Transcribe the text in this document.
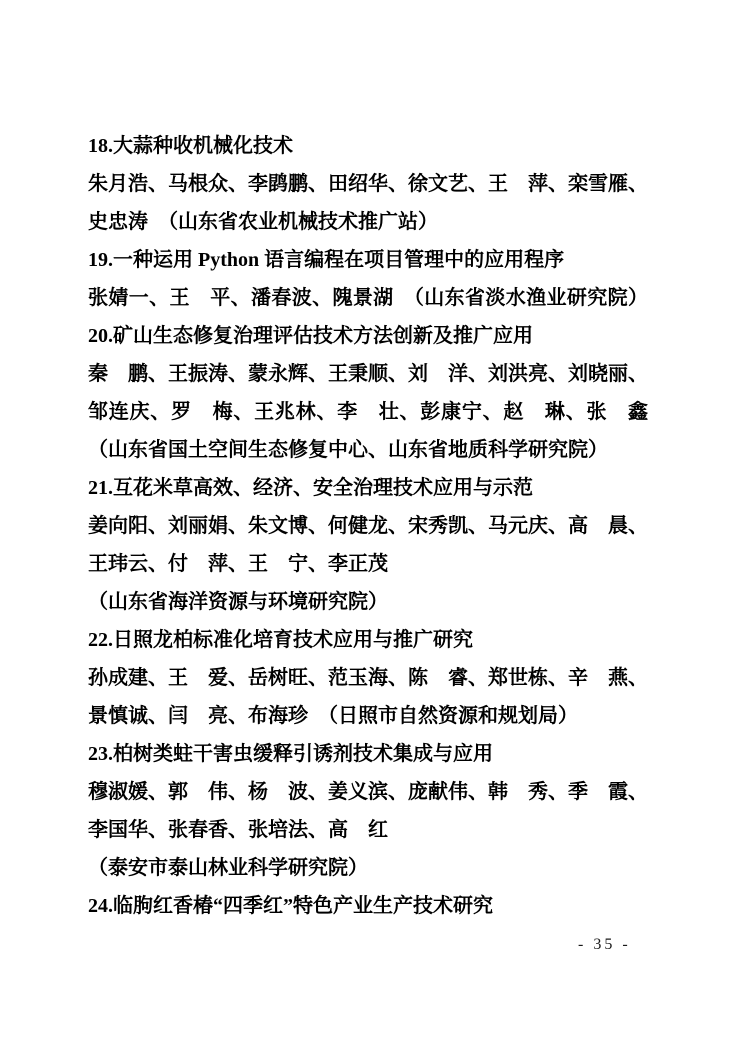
18.大蒜种收机械化技术
朱月浩、马根众、李鹍鹏、田绍华、徐文艺、王　萍、栾雪雁、
史忠涛　（山东省农业机械技术推广站）
19.一种运用 Python 语言编程在项目管理中的应用程序
张婧一、王　平、潘春波、隗景湖　（山东省淡水渔业研究院）
20.矿山生态修复治理评估技术方法创新及推广应用
秦　鹏、王振涛、蒙永辉、王秉顺、刘　洋、刘洪亮、刘晓丽、
邹连庆、罗　梅、王兆林、李　壮、彭康宁、赵　琳、张　鑫
（山东省国土空间生态修复中心、山东省地质科学研究院）
21.互花米草高效、经济、安全治理技术应用与示范
姜向阳、刘丽娟、朱文博、何健龙、宋秀凯、马元庆、高　晨、
王玮云、付　萍、王　宁、李正茂
（山东省海洋资源与环境研究院）
22.日照龙柏标准化培育技术应用与推广研究
孙成建、王　爱、岳树旺、范玉海、陈　睿、郑世栋、辛　燕、
景慎诚、闫　亮、布海珍　（日照市自然资源和规划局）
23.柏树类蛀干害虫缓释引诱剂技术集成与应用
穆淑媛、郭　伟、杨　波、姜义滨、庞献伟、韩　秀、季　霞、
李国华、张春香、张培法、高　红
（泰安市泰山林业科学研究院）
24.临朐红香椿“四季红”特色产业生产技术研究
- 35 -
